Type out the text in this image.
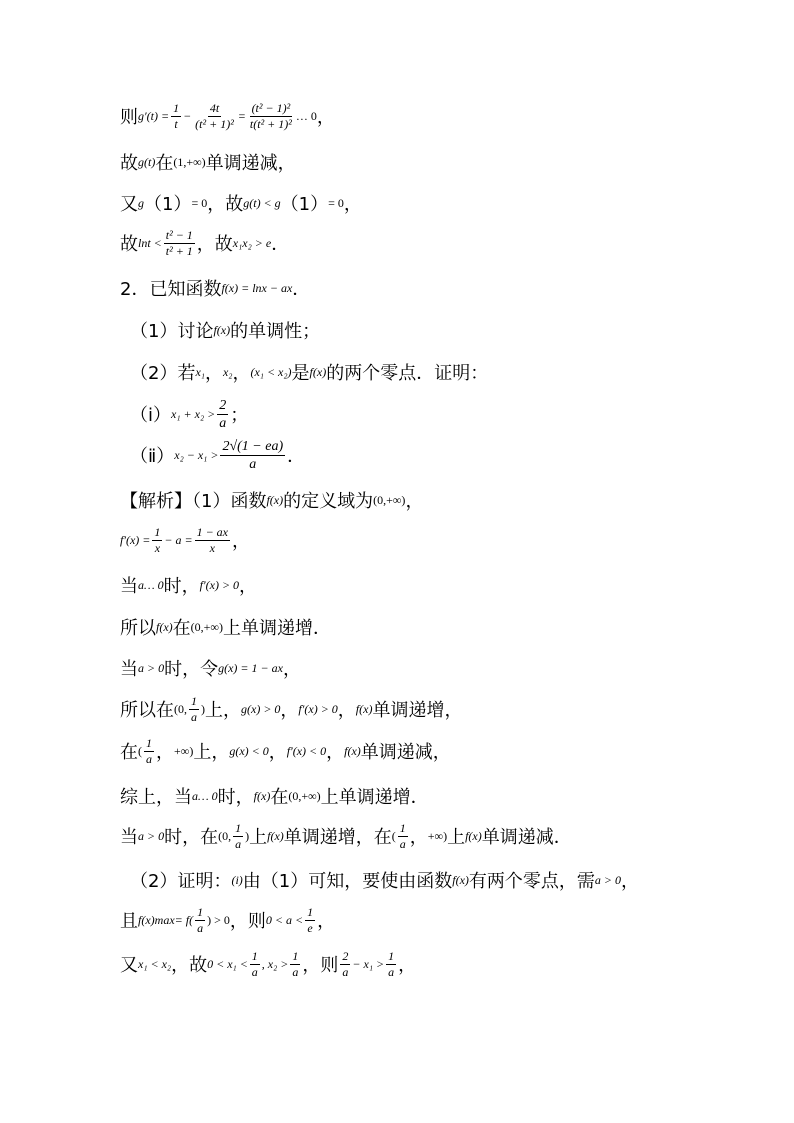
则 $g'(t) = \frac{1}{t} - \frac{4t}{\text{(t² + 1)²}} = \frac{\text{(t² − 1)²}}{\text{t(t² + 1)²}}$ … 0 ，
故 g(t) 在 (1,+∞) 单调递减，
又 g （1） = 0 ，故 g(t) < g （1） = 0 ，
故 $\ln t < \frac{\text{t² − 1}}{\text{t² + 1}}$ ，故 x₁x₂ > e ．
2．已知函数 f(x) = lnx − ax ．
（1）讨论 f(x) 的单调性；
（2）若 x₁ ， x₂ ， (x₁ < x₂) 是 f(x) 的两个零点．证明：
（ⅰ） $x_1 + x_2 > \frac{2}{a}$ ；
（ⅱ） $x_2 - x_1 > \frac{2√(1 - ea)}{a}$ ．
【解析】（1）函数 f(x) 的定义域为 (0,+∞) ，
$f'(x) = \frac{1}{x} - a = \frac{1 - ax}{x}$ ，
当 a… 0 时， f′(x) > 0 ，
所以 f(x) 在 (0,+∞) 上单调递增．
当 a > 0 时，令 g(x) = 1 − ax ，
所以在 (0, $\frac{1}{a}$ ) 上， g(x) > 0 ， f′(x) > 0 ， f(x) 单调递增，
在 ( $\frac{1}{a}$ ， +∞) 上， g(x) < 0 ， f′(x) < 0 ， f(x) 单调递减，
综上，当 a… 0 时， f(x) 在 (0,+∞) 上单调递增．
当 a > 0 时，在 (0, $\frac{1}{a}$ ) 上 f(x) 单调递增，在 ( $\frac{1}{a}$ ， +∞) 上 f(x) 单调递减．
（2）证明： (i) 由（1）可知，要使由函数 f(x) 有两个零点，需 a > 0 ，
且 f(x) $\max = f( \frac{1}{a}$ ) > 0 ，则 $0 < a < \frac{1}{e}$ ，
又 x₁ < x₂ ，故 $0 < x_1 < \frac{1}{a}$ , $x_2 > \frac{1}{a}$ ，则 $\frac{2}{a} - x_1 > \frac{1}{a}$ ，
